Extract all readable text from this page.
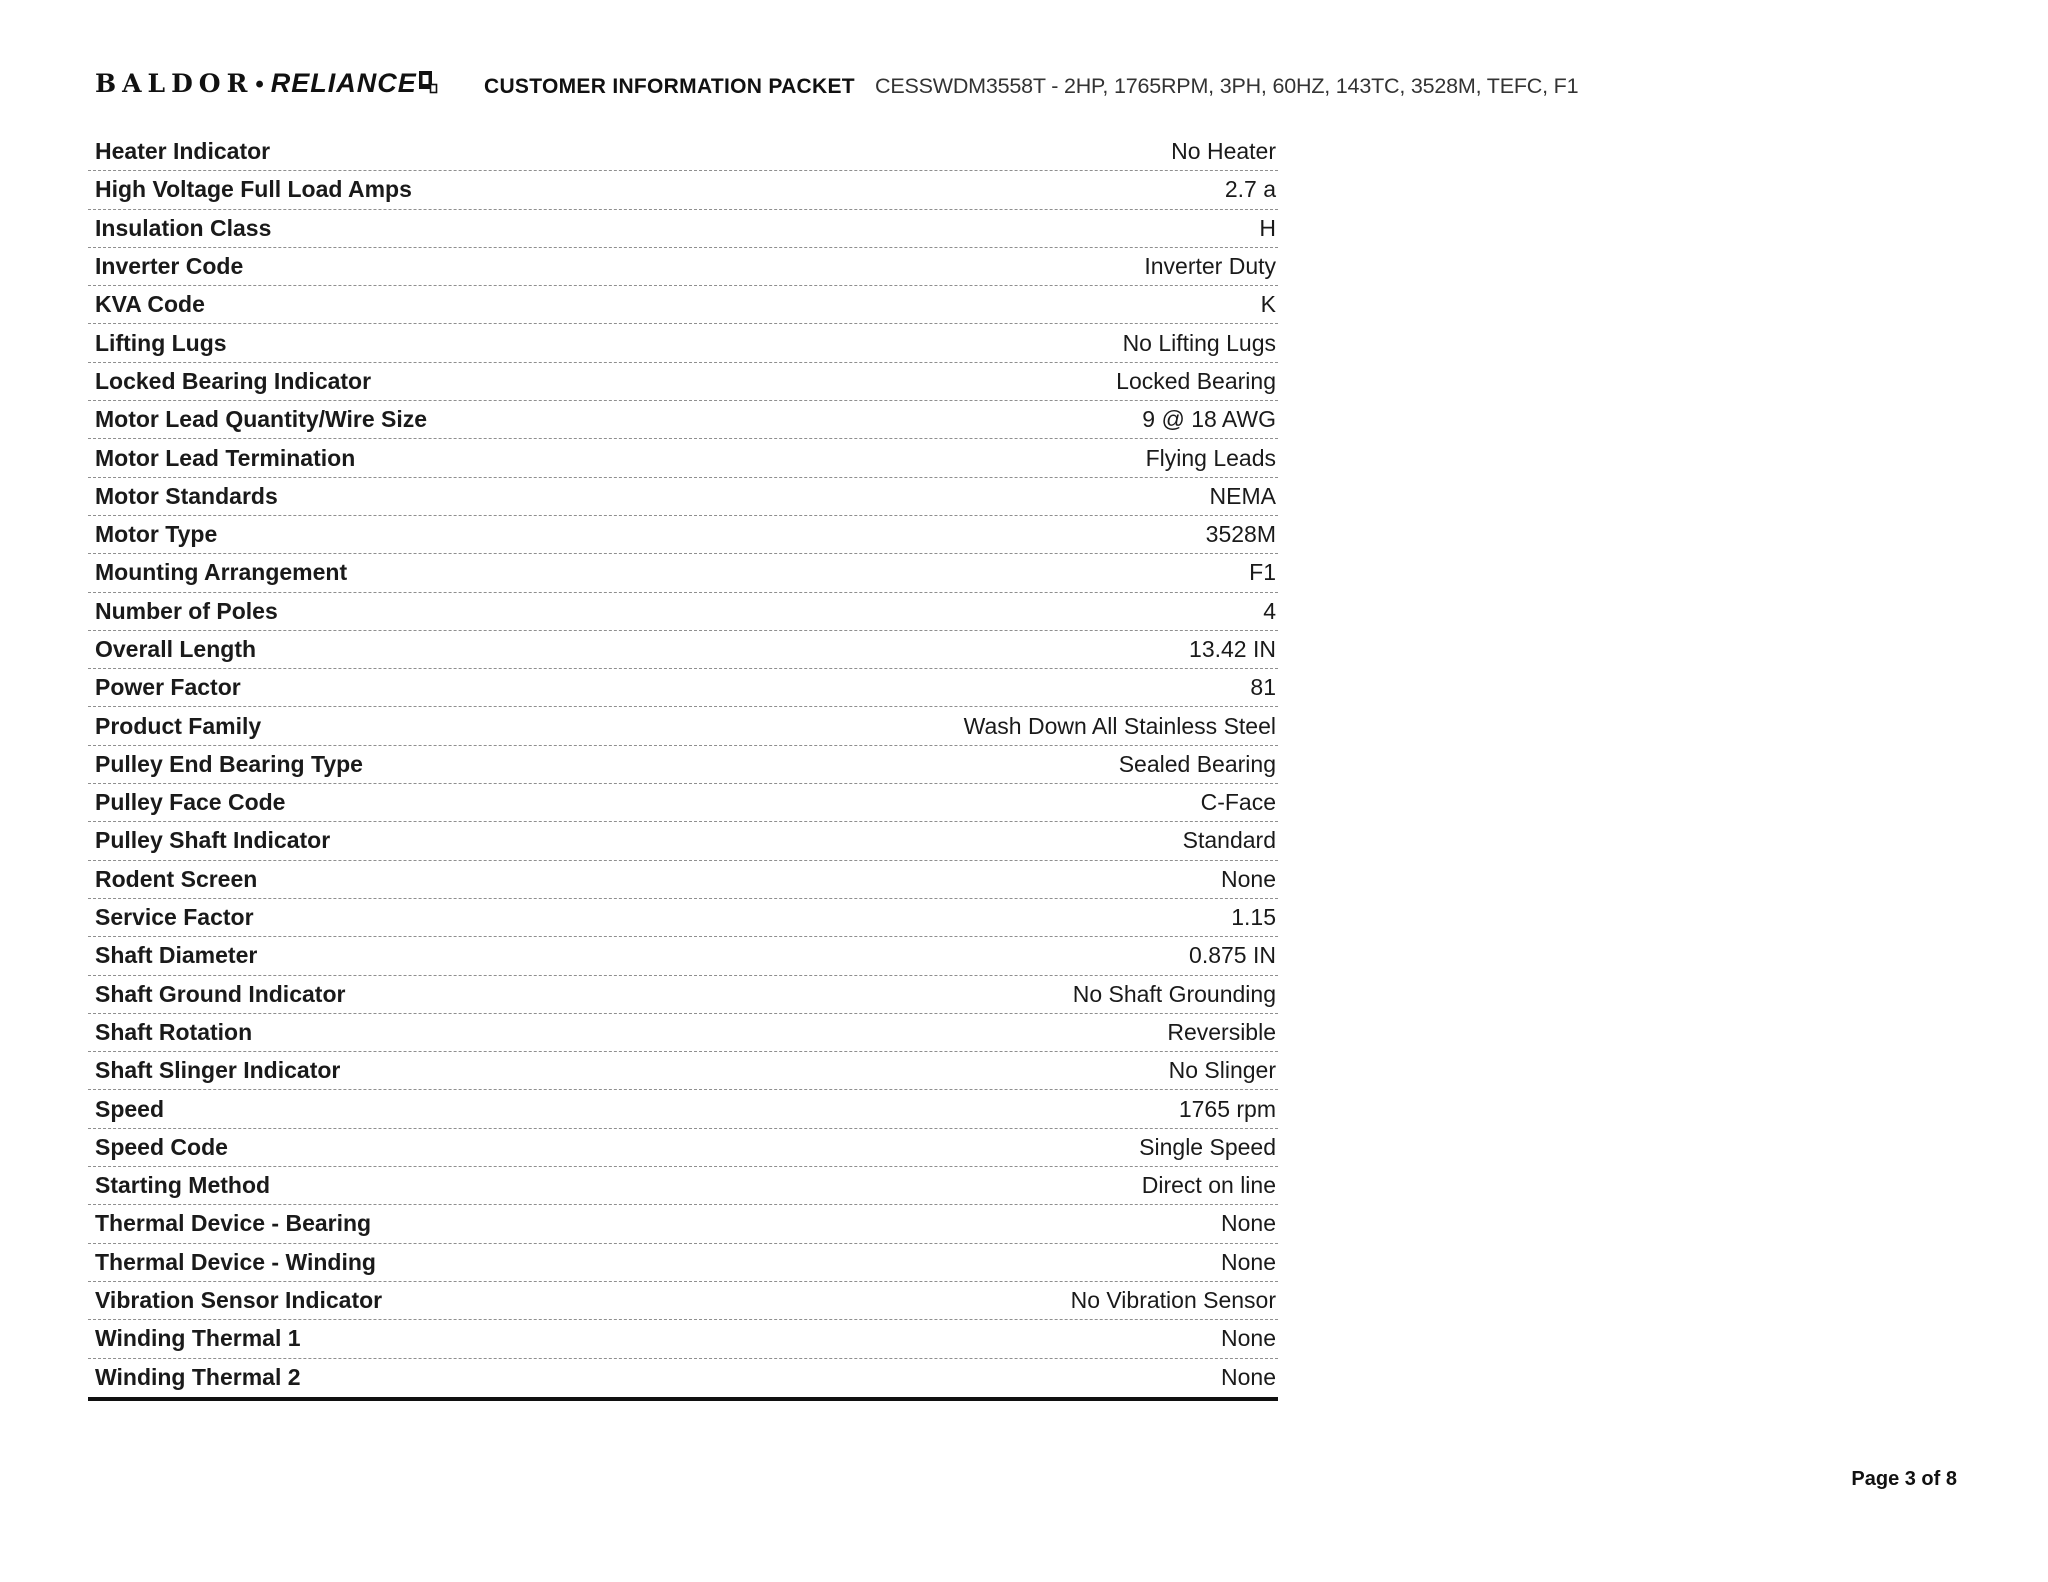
BALDOR • RELIANCE	CUSTOMER INFORMATION PACKET CESSWDM3558T - 2HP, 1765RPM, 3PH, 60HZ, 143TC, 3528M, TEFC, F1
Heater Indicator	No Heater
High Voltage Full Load Amps	2.7 a
Insulation Class	H
Inverter Code	Inverter Duty
KVA Code	K
Lifting Lugs	No Lifting Lugs
Locked Bearing Indicator	Locked Bearing
Motor Lead Quantity/Wire Size	9 @ 18 AWG
Motor Lead Termination	Flying Leads
Motor Standards	NEMA
Motor Type	3528M
Mounting Arrangement	F1
Number of Poles	4
Overall Length	13.42 IN
Power Factor	81
Product Family	Wash Down All Stainless Steel
Pulley End Bearing Type	Sealed Bearing
Pulley Face Code	C-Face
Pulley Shaft Indicator	Standard
Rodent Screen	None
Service Factor	1.15
Shaft Diameter	0.875 IN
Shaft Ground Indicator	No Shaft Grounding
Shaft Rotation	Reversible
Shaft Slinger Indicator	No Slinger
Speed	1765 rpm
Speed Code	Single Speed
Starting Method	Direct on line
Thermal Device - Bearing	None
Thermal Device - Winding	None
Vibration Sensor Indicator	No Vibration Sensor
Winding Thermal 1	None
Winding Thermal 2	None
Page 3 of 8
